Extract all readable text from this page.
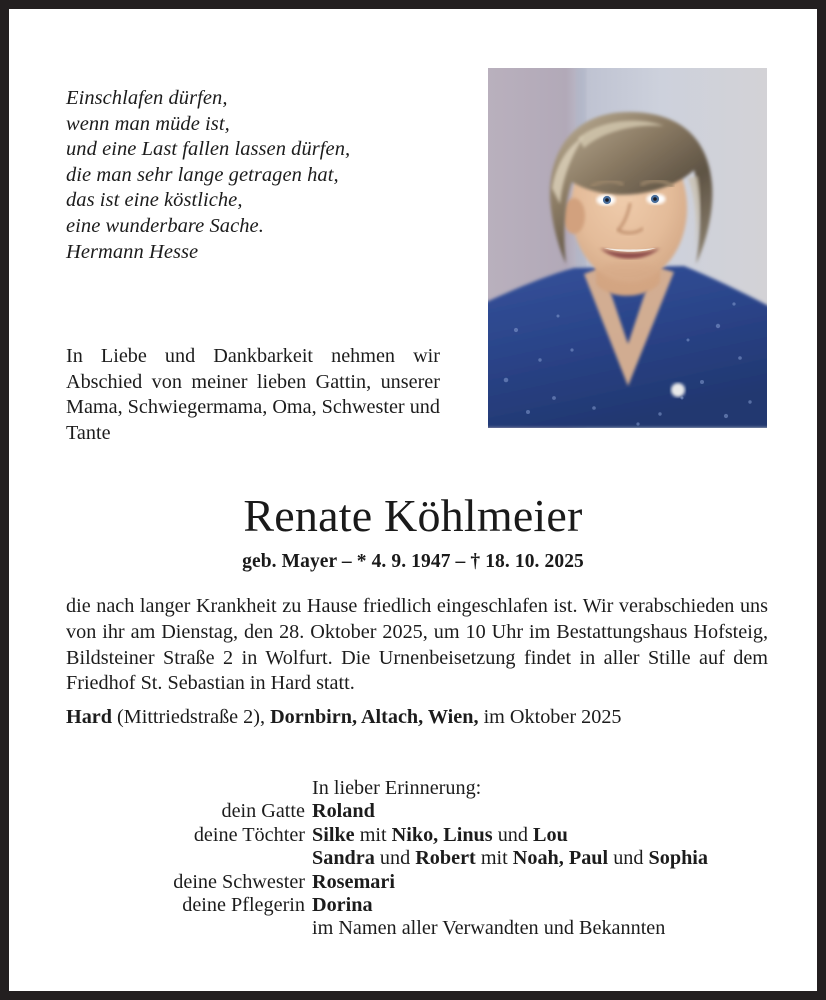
Einschlafen dürfen,
wenn man müde ist,
und eine Last fallen lassen dürfen,
die man sehr lange getragen hat,
das ist eine köstliche,
eine wunderbare Sache.
Hermann Hesse
In Liebe und Dankbarkeit nehmen wir Abschied von meiner lieben Gattin, unserer Mama, Schwiegermama, Oma, Schwester und Tante
Renate Köhlmeier
geb. Mayer – * 4. 9. 1947 – † 18. 10. 2025
die nach langer Krankheit zu Hause friedlich eingeschlafen ist. Wir verabschieden uns von ihr am Dienstag, den 28. Oktober 2025, um 10 Uhr im Bestattungshaus Hofsteig, Bildsteiner Straße 2 in Wolfurt. Die Urnenbeisetzung findet in aller Stille auf dem Friedhof St. Sebastian in Hard statt.
Hard (Mittriedstraße 2), Dornbirn, Altach, Wien, im Oktober 2025
In lieber Erinnerung:
dein Gatte Roland
deine Töchter Silke mit Niko, Linus und Lou
Sandra und Robert mit Noah, Paul und Sophia
deine Schwester Rosemari
deine Pflegerin Dorina
im Namen aller Verwandten und Bekannten
